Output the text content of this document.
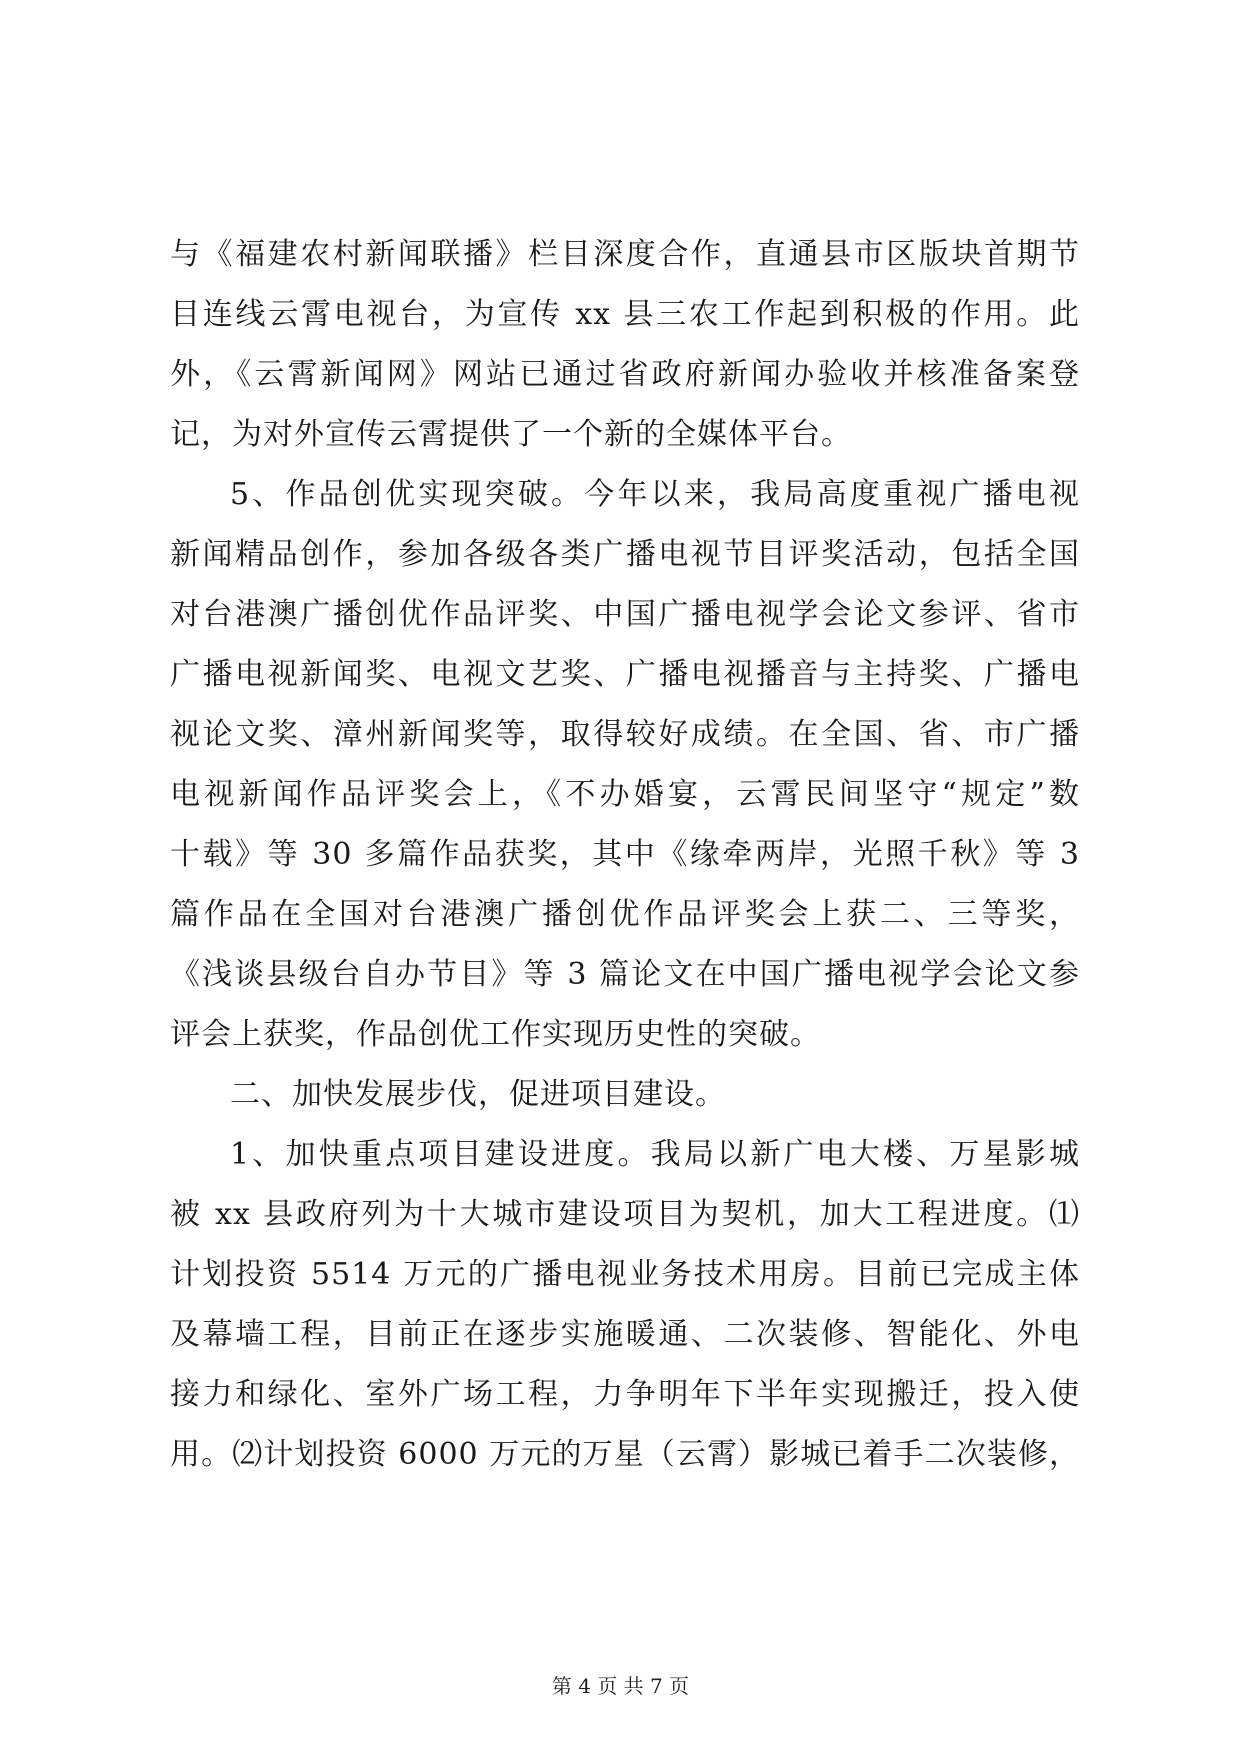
与《福建农村新闻联播》栏目深度合作，直通县市区版块首期节
目连线云霄电视台，为宣传 xx 县三农工作起到积极的作用。此
外，《云霄新闻网》网站已通过省政府新闻办验收并核准备案登
记，为对外宣传云霄提供了一个新的全媒体平台。
5、作品创优实现突破。今年以来，我局高度重视广播电视
新闻精品创作，参加各级各类广播电视节目评奖活动，包括全国
对台港澳广播创优作品评奖、中国广播电视学会论文参评、省市
广播电视新闻奖、电视文艺奖、广播电视播音与主持奖、广播电
视论文奖、漳州新闻奖等，取得较好成绩。在全国、省、市广播
电视新闻作品评奖会上，《不办婚宴，云霄民间坚守“规定”数
十载》等 30 多篇作品获奖，其中《缘牵两岸，光照千秋》等 3
篇作品在全国对台港澳广播创优作品评奖会上获二、三等奖，
《浅谈县级台自办节目》等 3 篇论文在中国广播电视学会论文参
评会上获奖，作品创优工作实现历史性的突破。
二、加快发展步伐，促进项目建设。
1、加快重点项目建设进度。我局以新广电大楼、万星影城
被 xx 县政府列为十大城市建设项目为契机，加大工程进度。⑴
计划投资 5514 万元的广播电视业务技术用房。目前已完成主体
及幕墙工程，目前正在逐步实施暖通、二次装修、智能化、外电
接力和绿化、室外广场工程，力争明年下半年实现搬迁，投入使
用。⑵计划投资 6000 万元的万星（云霄）影城已着手二次装修，
第 4 页 共 7 页
